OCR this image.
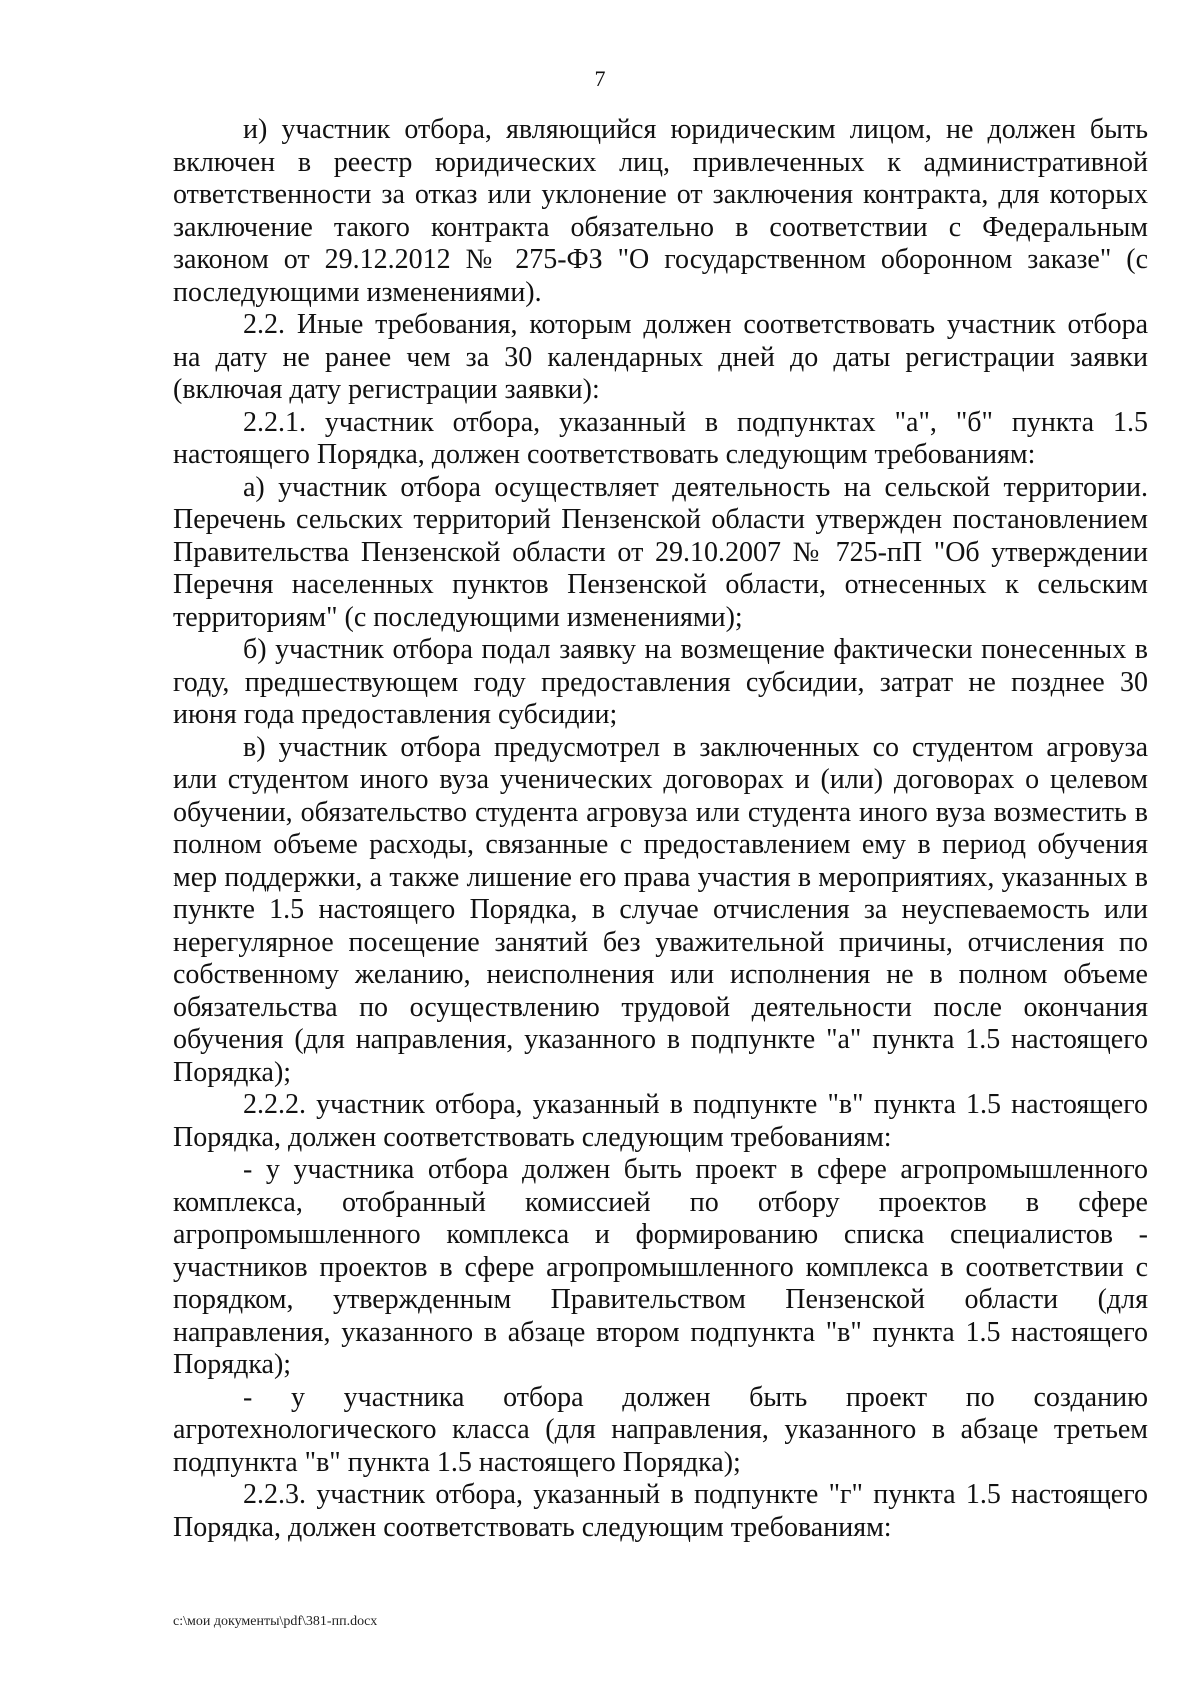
7

и) участник отбора, являющийся юридическим лицом, не должен быть включен в реестр юридических лиц, привлеченных к административной ответственности за отказ или уклонение от заключения контракта, для которых заключение такого контракта обязательно в соответствии с Федеральным законом от 29.12.2012 № 275-ФЗ "О государственном оборонном заказе" (с последующими изменениями).

2.2. Иные требования, которым должен соответствовать участник отбора на дату не ранее чем за 30 календарных дней до даты регистрации заявки (включая дату регистрации заявки):

2.2.1. участник отбора, указанный в подпунктах "а", "б" пункта 1.5 настоящего Порядка, должен соответствовать следующим требованиям:

а) участник отбора осуществляет деятельность на сельской территории. Перечень сельских территорий Пензенской области утвержден постановлением Правительства Пензенской области от 29.10.2007 № 725-пП "Об утверждении Перечня населенных пунктов Пензенской области, отнесенных к сельским территориям" (с последующими изменениями);

б) участник отбора подал заявку на возмещение фактически понесенных в году, предшествующем году предоставления субсидии, затрат не позднее 30 июня года предоставления субсидии;

в) участник отбора предусмотрел в заключенных со студентом агровуза или студентом иного вуза ученических договорах и (или) договорах о целевом обучении, обязательство студента агровуза или студента иного вуза возместить в полном объеме расходы, связанные с предоставлением ему в период обучения мер поддержки, а также лишение его права участия в мероприятиях, указанных в пункте 1.5 настоящего Порядка, в случае отчисления за неуспеваемость или нерегулярное посещение занятий без уважительной причины, отчисления по собственному желанию, неисполнения или исполнения не в полном объеме обязательства по осуществлению трудовой деятельности после окончания обучения (для направления, указанного в подпункте "а" пункта 1.5 настоящего Порядка);

2.2.2. участник отбора, указанный в подпункте "в" пункта 1.5 настоящего Порядка, должен соответствовать следующим требованиям:

- у участника отбора должен быть проект в сфере агропромышленного комплекса, отобранный комиссией по отбору проектов в сфере агропромышленного комплекса и формированию списка специалистов - участников проектов в сфере агропромышленного комплекса в соответствии с порядком, утвержденным Правительством Пензенской области (для направления, указанного в абзаце втором подпункта "в" пункта 1.5 настоящего Порядка);

- у участника отбора должен быть проект по созданию агротехнологического класса (для направления, указанного в абзаце третьем подпункта "в" пункта 1.5 настоящего Порядка);

2.2.3. участник отбора, указанный в подпункте "г" пункта 1.5 настоящего Порядка, должен соответствовать следующим требованиям:

c:\мои документы\pdf\381-пп.docx
